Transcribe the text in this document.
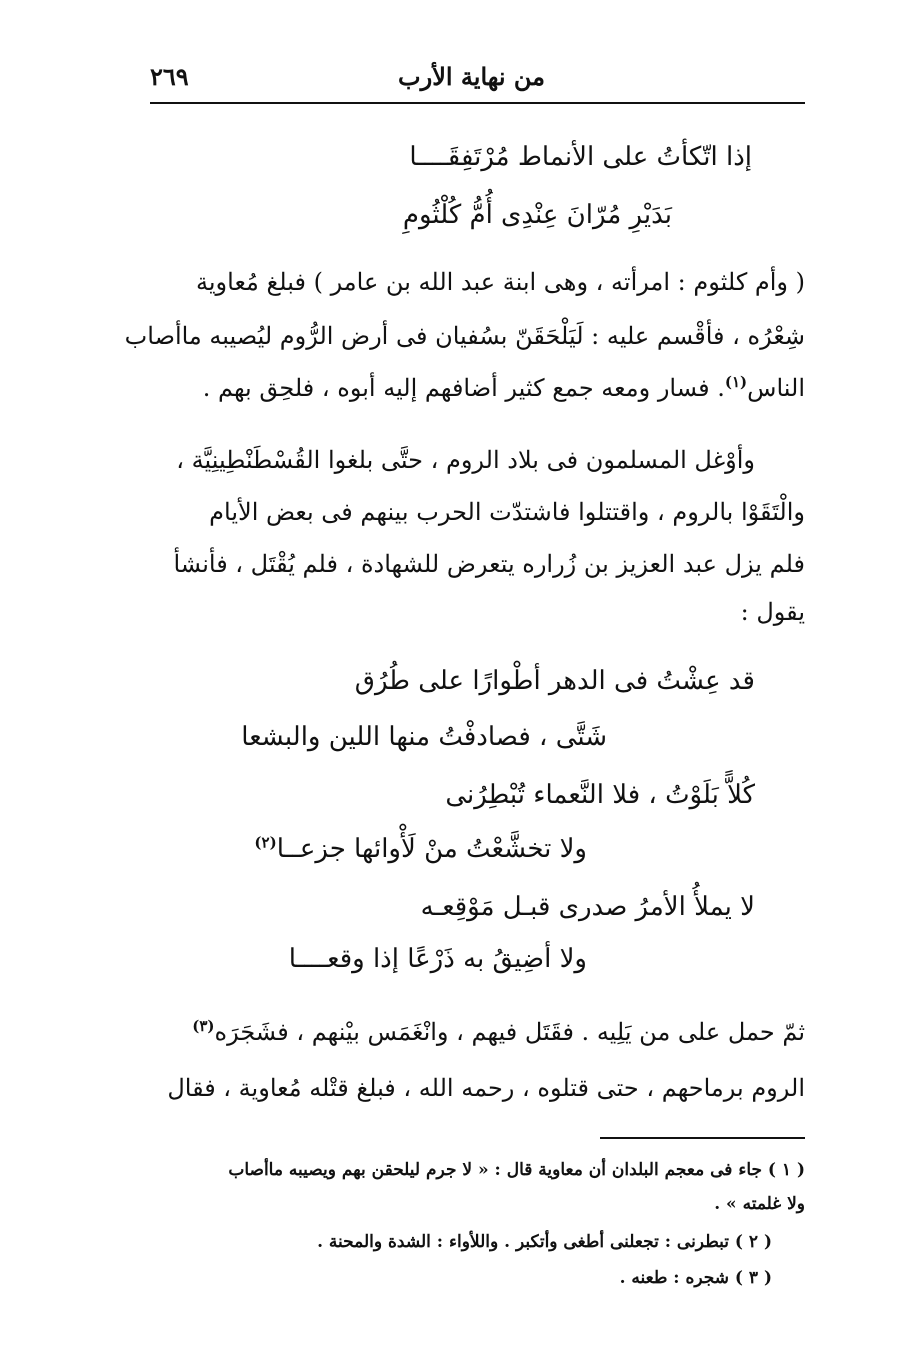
من نهاية الأرب
٢٦٩
إذا اتّكأتُ على الأنماط مُرْتَفِقَــــا
بَدَيْرِ مُرّانَ عِنْدِى أُمُّ كُلْثُومِ
( وأم كلثوم : امرأته ، وهى ابنة عبد الله بن عامر ) فبلغ مُعاوية
شِعْرُه ، فأقْسم عليه : لَيَلْحَقَنّ بسُفيان فى أرض الرُّوم ليُصيبه ماأصاب
الناس$^{(١)}$. فسار ومعه جمع كثير أضافهم إليه أبوه ، فلحِق بهم .
وأوْغل المسلمون فى بلاد الروم ، حتَّى بلغوا القُسْطَنْطِينِيَّة ،
والْتَقَوْا بالروم ، واقتتلوا فاشتدّت الحرب بينهم فى بعض الأيام
فلم يزل عبد العزيز بن زُراره يتعرض للشهادة ، فلم يُقْتَل ، فأنشأ
يقول :
قد عِشْتُ فى الدهر أطْوارًا على طُرُق
شَتَّى ، فصادفْتُ منها اللين والبشعا
كُلاًّ بَلَوْتُ ، فلا النَّعماء تُبْطِرُنى
ولا تخشَّعْتُ منْ لَأْوائها جزعــا$^{(٢)}$
لا يملأُ الأمرُ صدرى قبـل مَوْقِعـه
ولا أضِيقُ به ذَرْعًا إذا وقعــــا
ثمّ حمل على من يَلِيه . فقَتَل فيهم ، وانْغَمَس بيْنهم ، فشَجَرَه$^{(٣)}$
الروم برماحهم ، حتى قتلوه ، رحمه الله ، فبلغ قتْله مُعاوية ، فقال
( ١ ) جاء فى معجم البلدان أن معاوية قال : « لا جرم ليلحقن بهم ويصيبه ماأصاب
ولا غلمته » .
( ٢ ) تبطرنى : تجعلنى أطغى وأتكبر . واللأواء : الشدة والمحنة .
( ٣ ) شجره : طعنه .
